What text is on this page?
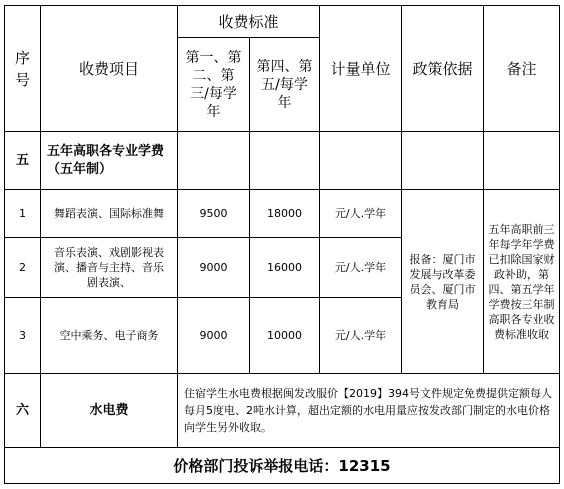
序号	收费项目	收费标准		计量单位	政策依据	备注

		第一、第二、第三/每学年	第四、第五/每学年			

五	五年高职各专业学费（五年制）					

1	舞蹈表演、国际标准舞	9500	18000	元/人.学年	报备：厦门市发展与改革委员会、厦门市教育局	五年高职前三年每学年学费已扣除国家财政补助，第四、第五学年学费按三年制高职各专业收费标准收取

2	音乐表演、戏剧影视表演、播音与主持、音乐剧表演、	9000	16000	元/人.学年		
3	空中乘务、电子商务	9000	10000	元/人.学年		
六	水电费	住宿学生水电费根据闽发改服价【2019】394号文件规定免费提供定额每人每月5度电、2吨水计算，超出定额的水电用量应按发改部门制定的水电价格向学生另外收取。				
价格部门投诉举报电话：12315						
